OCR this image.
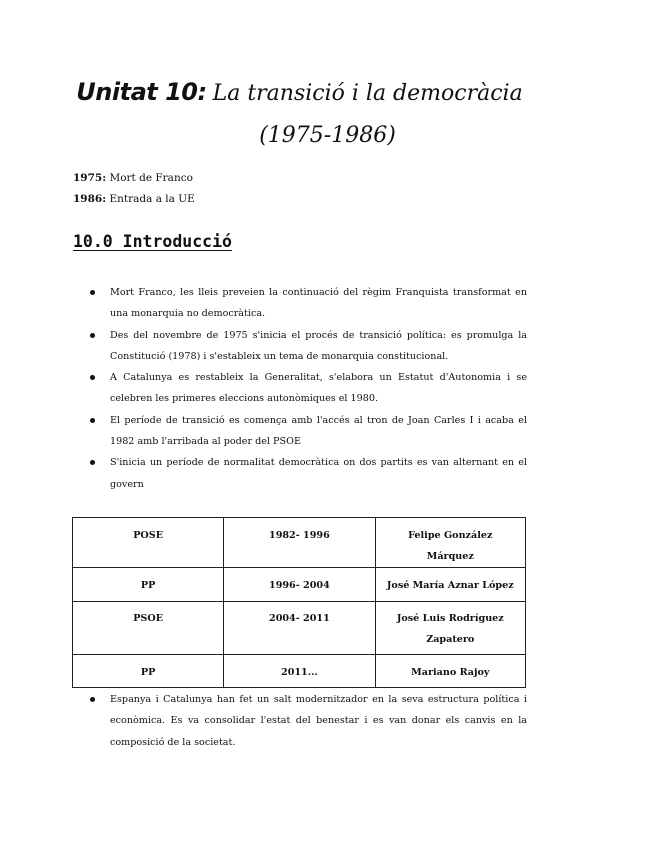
Unitat 10: La transició i la democràcia
(1975-1986)
1975: Mort de Franco
1986: Entrada a la UE
10.0 Introducció
Mort Franco, les lleis preveien la continuació del règim Franquista transformat en una monarquia no democràtica.
Des del novembre de 1975 s'inicia el procés de transició política: es promulga la Constitució (1978) i s'estableix un tema de monarquia constitucional.
A Catalunya es restableix la Generalitat, s'elabora un Estatut d'Autonomia i se celebren les primeres eleccions autonòmiques el 1980.
El període de transició es comença amb l'accés al tron de Joan Carles I i acaba el 1982 amb l'arribada al poder del PSOE
S'inicia un període de normalitat democràtica on dos partits es van alternant en el govern
POSE	1982- 1996	Felipe González Márquez
PP	1996- 2004	José María Aznar López
PSOE	2004- 2011	José Luis Rodríguez Zapatero
PP	2011...	Mariano Rajoy
Espanya i Catalunya han fet un salt modernitzador en la seva estructura política i econòmica. Es va consolidar l'estat del benestar i es van donar els canvis en la composició de la societat.
